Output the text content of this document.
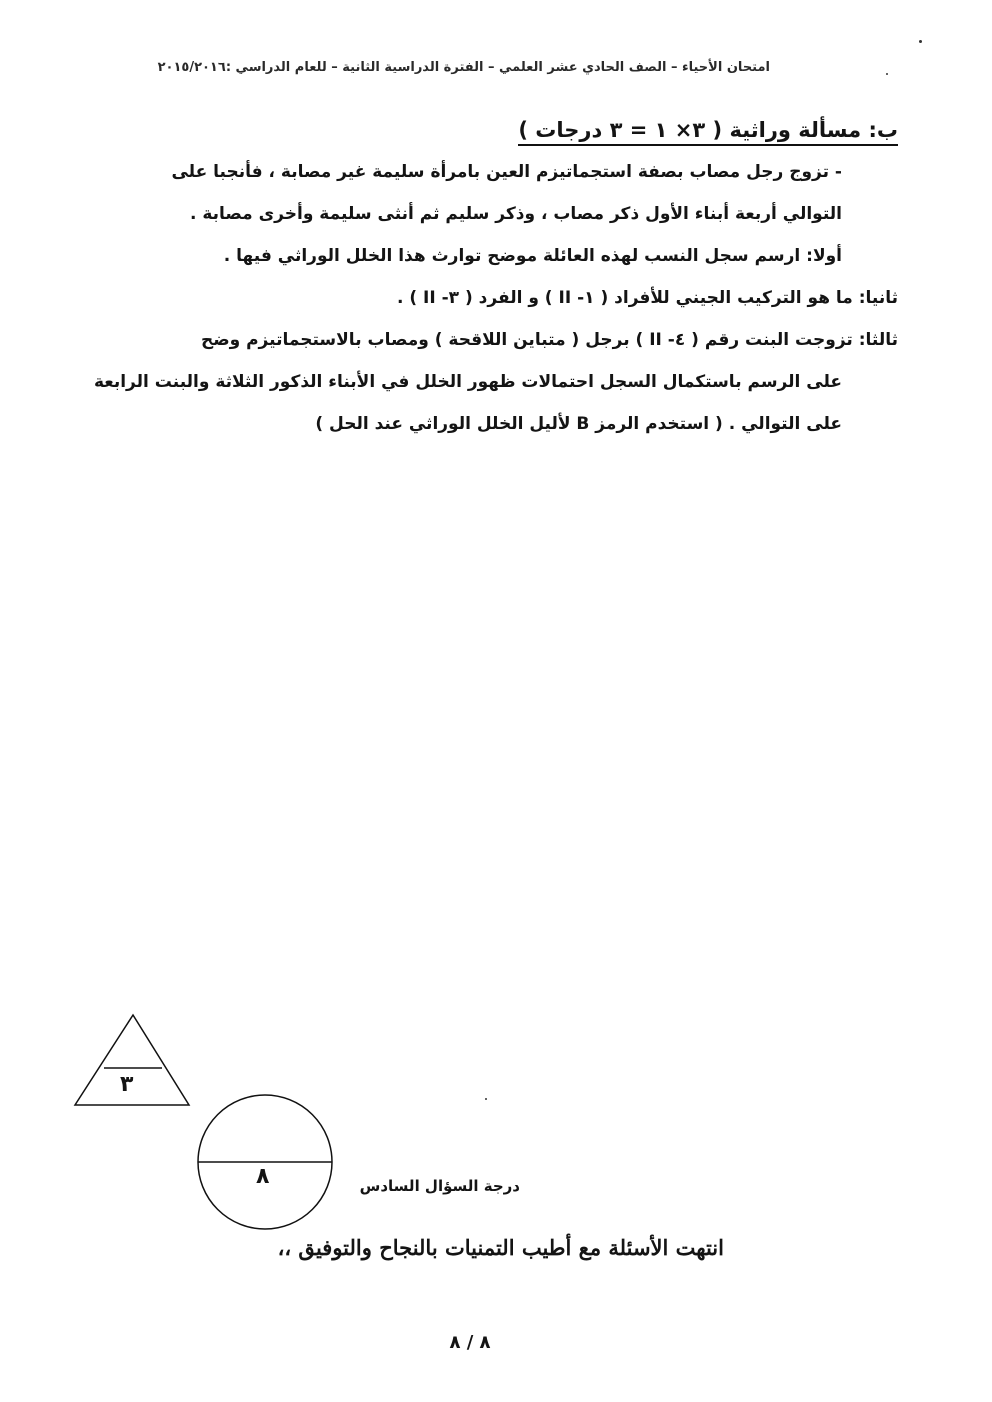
امتحان الأحياء – الصف الحادي عشر العلمي – الفترة الدراسية الثانية – للعام الدراسي :٢٠١٥/٢٠١٦
ب: مسألة وراثية ( ٣× ١ = ٣ درجات )
- تزوج رجل مصاب بصفة استجماتيزم العين بامرأة سليمة غير مصابة ، فأنجبا على
التوالي أربعة أبناء الأول ذكر مصاب ، وذكر سليم ثم أنثى سليمة وأخرى مصابة .
أولا: ارسم سجل النسب لهذه العائلة موضح توارث هذا الخلل الوراثي فيها .
ثانيا: ما هو التركيب الجيني للأفراد ( ١- II ) و الفرد ( ٣- II ) .
ثالثا: تزوجت البنت رقم ( ٤- II ) برجل ( متباين اللاقحة ) ومصاب بالاستجماتيزم وضح
على الرسم باستكمال السجل احتمالات ظهور الخلل في الأبناء الذكور الثلاثة والبنت الرابعة
على التوالي . ( استخدم الرمز B لأليل الخلل الوراثي عند الحل )
٣
٨	درجة السؤال السادس
انتهت الأسئلة مع أطيب التمنيات بالنجاح والتوفيق ،،
٨ / ٨
